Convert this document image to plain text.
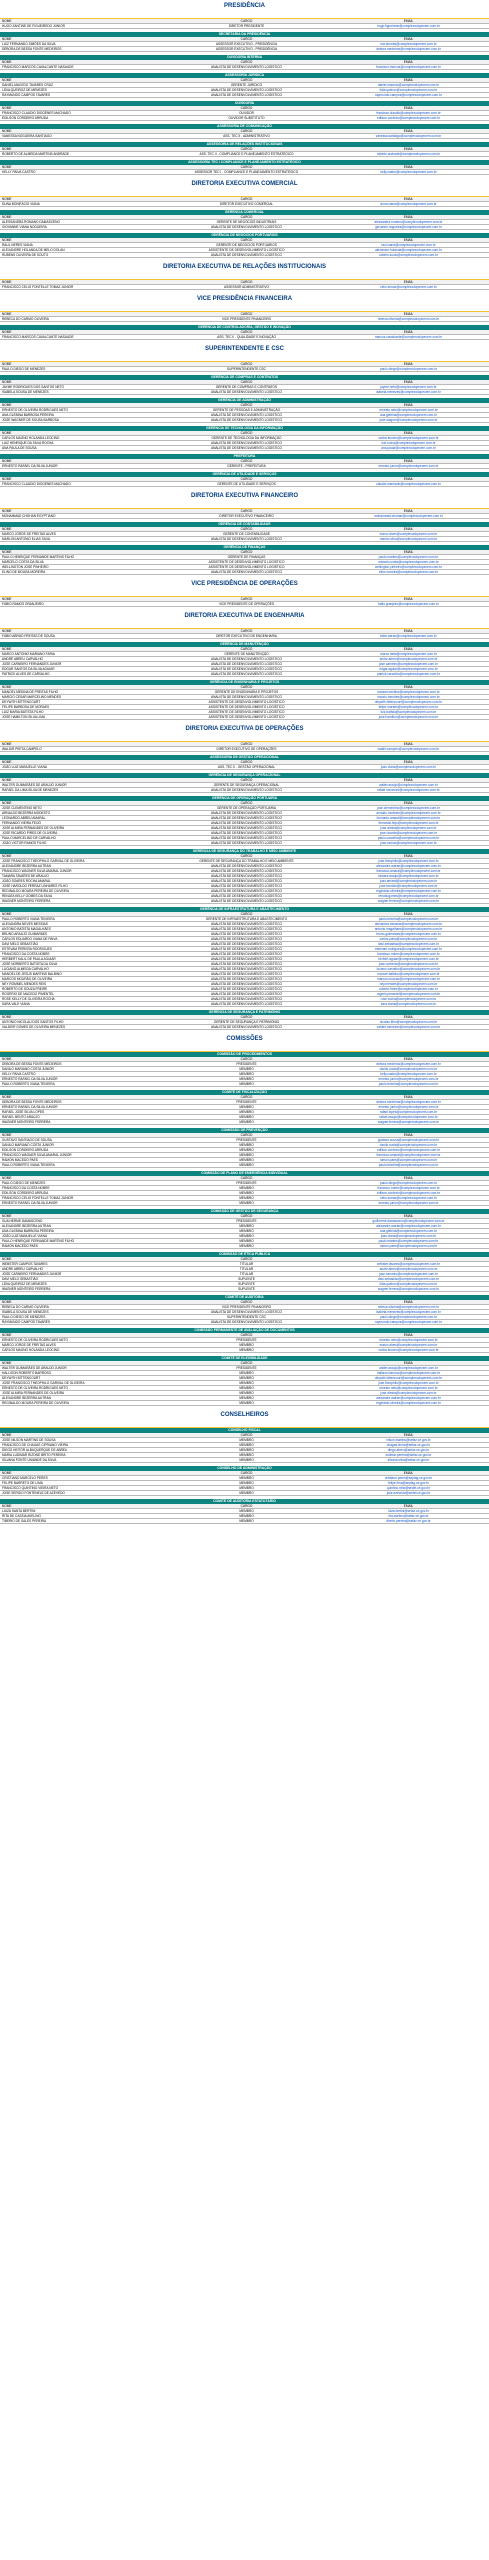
PRESIDÊNCIA
NOME	CARGO	EMAIL
HUGO ZANTINE DE FIGUEIREDO JÚNIOR	DIRETOR PRESIDENTE	hugo.figueiredo@complexodopecem.com.br
SECRETARIA DA PRESIDÊNCIA
NOME	CARGO	EMAIL
LUIZ FERNANDO SIMÕES DA SILVA	ASSESSOR EXECUTIVO - PRESIDÊNCIA	luiz.simoes@complexodopecem.com.br
DÉBORA DE BESSA FONTE MEDEIROS	ASSESSOR EXECUTIVO - PRESIDÊNCIA	debora.medeiros@complexodopecem.com.br
OUVIDORIA INTERNA
NOME	CARGO	EMAIL
FRANCISCO MARCOS CAVALCANTE NASAUDE	ANALISTA DE DESENVOLVIMENTO LOGÍSTICO	francisco.marcos@complexodopecem.com.br
ASSESSORIA JURÍDICA
NOME	CARGO	EMAIL
DANIEL MACEDO TAVARES CRUZ	GERENTE JURÍDICO	daniel.macedo@complexodopecem.com.br
LÍDIA QUEIROZ DE MENEZES	ANALISTA DE DESENVOLVIMENTO LOGÍSTICO	lidia.queiroz@complexodopecem.com.br
RAYMUNDO CAMPOS TAVARES	ANALISTA DE DESENVOLVIMENTO LOGÍSTICO	raymundo.campos@complexodopecem.com.br
OUVIDORIA
NOME	CARGO	EMAIL
FRANCISCO CLAUDIO DIOGENES MACHADO	OUVIDOR	francisco.claudio@complexodopecem.com.br
EDILSON CORDEIRO ARRUDA	OUVIDOR SUBSTITUTO	edilson.cordeiro@complexodopecem.com.br
ASSESSORIA DE COMUNICAÇÃO
NOME	CARGO	EMAIL
VANESSA NOGUEIRA SANTIAGO	ASS. TEC II - ADMINISTRATIVO	vanessa.santiago@complexodopecem.com.br
ASSESSORIA DE RELAÇÕES INSTITUCIONAIS
NOME	CARGO	EMAIL
ROBERTO DE ALMEIDA MARTINS ANDRADE	ASS. TEC II - COMPLIANCE E PLANEJAMENTO ESTRATÉGICO	roberto.andrade@complexodopecem.com.br
ASSESSORIA TEC I COMPLIANCE E PLANEJAMENTO ESTRATÉGICO
NOME	CARGO	EMAIL
KELLY PAIVA CASTRO	ASSESSOR TEC I - COMPLIANCE E PLANEJAMENTO ESTRATÉGICO	kelly.castro@complexodopecem.com.br
DIRETORIA EXECUTIVA COMERCIAL
NOME	CARGO	EMAIL
DUNA BONIFÁCIO VIANA	DIRETOR EXECUTIVO COMERCIAL	duna.viana@complexodopecem.com.br
GERÊNCIA COMERCIAL
NOME	CARGO	EMAIL
ALESSANDRA ROMANO DAMASCENO	GERENTE DE NEGÓCIOS INDUSTRIAIS	alessandra.romano@complexodopecem.com.br
GIOVANNE VIANA NOGUEIRA	ANALISTA DE DESENVOLVIMENTO LOGÍSTICO	giovanne.nogueira@complexodopecem.com.br
GERÊNCIA DE NEGÓCIOS PORTUÁRIOS
NOME	CARGO	EMAIL
RAUL NERES VIANA	GERENTE DE NEGÓCIOS PORTUÁRIOS	raul.viana@complexodopecem.com.br
ALEXANDRE HOLANDA DE MELO DOLAN	ASSISTENTE DE DESENVOLVIMENTO LOGÍSTICO	alexandre.holanda@complexodopecem.com.br
RUBENS OLIVEIRA DE SOUTO	ANALISTA DE DESENVOLVIMENTO LOGÍSTICO	rubens.souto@complexodopecem.com.br
DIRETORIA EXECUTIVA DE RELAÇÕES INSTITUCIONAIS
NOME	CARGO	EMAIL
FRANCISCO CELIO FONTELLE TOMAZ JUNIOR	ASSESSOR ADMINISTRATIVO	celio.tomaz@complexodopecem.com.br
VICE PRESIDÊNCIA FINANCEIRA
NOME	CARGO	EMAIL
REBECA DO CARMO OLIVEIRA	VICE PRESIDENTE FINANCEIRO	rebeca.oliveira@complexodopecem.com.br
GERÊNCIA DE CONTROLADORIA, GESTÃO E INOVAÇÃO
NOME	CARGO	EMAIL
FRANCISCO MARCOS CAVALCANTE NASAUDE	ASS. TEC II - QUALIDADE E INOVAÇÃO	marcos.cavalcante@complexodopecem.com.br
SUPERINTENDENTE E CSC
NOME	CARGO	EMAIL
PAULO DIEGO DE MENEZES	SUPERINTENDENTE CSC	paulo.diego@complexodopecem.com.br
GERÊNCIA DE COMPRAS E CONTRATOS
NOME	CARGO	EMAIL
JAYME RODRIGUES DOS SANTOS NETO	GERENTE DE COMPRAS E CONTRATOS	jayme.neto@complexodopecem.com.br
ISABELA SOUSA DE MENEZES	ANALISTA DE DESENVOLVIMENTO LOGÍSTICO	isabela.menezes@complexodopecem.com.br
GERÊNCIA DE ADMINISTRAÇÃO
NOME	CARGO	EMAIL
ERNESTO DE OLIVEIRA RODRIGUES NETO	GERENTE DE PESSOAS E ADMINISTRAÇÃO	ernesto.neto@complexodopecem.com.br
ANA GLEBINA BARBOSA PEREIRA	ANALISTA DE DESENVOLVIMENTO LOGÍSTICO	ana.glebina@complexodopecem.com.br
JOSÉ WAGNER DE SOUSA BARBOSA	ANALISTA DE DESENVOLVIMENTO LOGÍSTICO	jose.wagner@complexodopecem.com.br
GERÊNCIA DE TECNOLOGIA DA INFORMAÇÃO
NOME	CARGO	EMAIL
CARLOS MAGNO HOLANDA LEOCINO	GERENTE DE TECNOLOGIA DA INFORMAÇÃO	carlos.leocino@complexodopecem.com.br
LUIZ HENRIQUE DA SILVA ROCHA	ANALISTA DE DESENVOLVIMENTO LOGÍSTICO	luiz.rocha@complexodopecem.com.br
ANA PAULA DE SOUSA	ANALISTA DE DESENVOLVIMENTO LOGÍSTICO	ana.paula@complexodopecem.com.br
PREFEITURA
NOME	CARGO	EMAIL
ERNESTO RAFAEL DA SILVA JUNIOR	GERENTE - PREFEITURA	ernesto.junior@complexodopecem.com.br
GERÊNCIA DE UTILIDADE E SERVIÇOS
NOME	CARGO	EMAIL
FRANCISCO CLAUDIO DIOGENES MACHADO	GERENTE DE UTILIDADE E SERVIÇOS	claudio.machado@complexodopecem.com.br
DIRETORIA EXECUTIVA FINANCEIRO
NOME	CARGO	EMAIL
MOHAMMAD CHOHAN EGYPTIANO	DIRETOR EXECUTIVO FINANCEIRO	mohammad.chohan@complexodopecem.com.br
GERÊNCIA DE CONTABILIDADE
NOME	CARGO	EMAIL
MARCO JORGE DE FREITAS ALVES	GERENTE DE CONTABILIDADE	marco.alves@complexodopecem.com.br
MARLON ANTONIO ELIAS SILVA	ANALISTA DE DESENVOLVIMENTO LOGÍSTICO	marlon.silva@complexodopecem.com.br
GERÊNCIA DE FINANÇAS
NOME	CARGO	EMAIL
PAULO HENRIQUE FERNANDE MARTINS FILHO	GERENTE DE FINANÇAS	paulo.martins@complexodopecem.com.br
MARCELO COSTA DA SILVA	ASSISTENTE DE DESENVOLVIMENTO LOGÍSTICO	marcelo.costa@complexodopecem.com.br
WELLINGTON JOSÉ PINHEIRO	ASSISTENTE DE DESENVOLVIMENTO LOGÍSTICO	wellington.pinheiro@complexodopecem.com.br
ELINO DE MOURA MOREIRA	ANALISTA DE DESENVOLVIMENTO LOGÍSTICO	elino.moreira@complexodopecem.com.br
VICE PRESIDÊNCIA DE OPERAÇÕES
NOME	CARGO	EMAIL
FÁBIO RAMOS GRANJEIRO	VICE PRESIDENTE DE OPERAÇÕES	fabio.granjeiro@complexodopecem.com.br
DIRETORIA EXECUTIVA DE ENGENHARIA
NOME	CARGO	EMAIL
FÁBIO ABRÃO FREITAS DE SOUSA	DIRETOR EXECUTIVO DE ENGENHARIA	fabio.abrao@complexodopecem.com.br
GERÊNCIA DE MANUTENÇÃO
NOME	CARGO	EMAIL
MARCO ANTONIO MARIANO FARIA	GERENTE DE MANUTENÇÃO	marco.faria@complexodopecem.com.br
ANDRÉ ABREU CARVALHO	ANALISTA DE DESENVOLVIMENTO LOGÍSTICO	andre.abreu@complexodopecem.com.br
JOSÉ CARNEIRO FERNANDES JUNIOR	ANALISTA DE DESENVOLVIMENTO LOGÍSTICO	jose.carneiro@complexodopecem.com.br
EDGAR SANTOS DA SILVA AGUIAR	ANALISTA DE DESENVOLVIMENTO LOGÍSTICO	edgar.aguiar@complexodopecem.com.br
PATRICK ALVES DE CARVALHO	ANALISTA DE DESENVOLVIMENTO LOGÍSTICO	patrick.carvalho@complexodopecem.com.br
GERÊNCIA DE ENGENHARIA E PROJETOS
NOME	CARGO	EMAIL
MANOEL MEDINA DE FREITAS FILHO	GERENTE DE ENGENHARIA E PROJETOS	manoel.medina@complexodopecem.com.br
MARCIO CESAR MARCELINO MENDES	ANALISTA DE DESENVOLVIMENTO LOGÍSTICO	marcio.mendes@complexodopecem.com.br
DEYWITH BITTENCOURT	ASSISTENTE DE DESENVOLVIMENTO LOGÍSTICO	deywith.bittencourt@complexodopecem.com.br
FELIPE BARBOSA DE MORAES	ASSISTENTE DE DESENVOLVIMENTO LOGÍSTICO	felipe.moraes@complexodopecem.com.br
LUIZ MARIA BATISTA FILHO	ASSISTENTE DE DESENVOLVIMENTO LOGÍSTICO	luiz.batista@complexodopecem.com.br
JOSÉ HAMILTON SILVA LIMA	ASSISTENTE DE DESENVOLVIMENTO LOGÍSTICO	jose.hamilton@complexodopecem.com.br
DIRETORIA EXECUTIVA DE OPERAÇÕES
NOME	CARGO	EMAIL
WALDIR PEETA CAMPELO	DIRETOR EXECUTIVO DE OPERAÇÕES	waldir.campelo@complexodopecem.com.br
ASSESSORIA DE GESTÃO OPERACIONAL
NOME	CARGO	EMAIL
JOÃO LUIZ MANUELLE VIANA	ASS. TEC II - GESTÃO OPERACIONAL	joao.viana@complexodopecem.com.br
GERÊNCIA DE SEGURANÇA OPERACIONAL
NOME	CARGO	EMAIL
WALTER GUIMARÃES DE ARAÚJO JUNIOR	GERENTE DE SEGURANÇA OPERACIONAL	walter.araujo@complexodopecem.com.br
RAFAEL DA LIMA SILVA DE MENEZES	ANALISTA DE DESENVOLVIMENTO LOGÍSTICO	rafael.menezes@complexodopecem.com.br
GERÊNCIA DE OPERAÇÃO PORTUÁRIA
NOME	CARGO	EMAIL
JOSÉ CLEMENTINO NETO	GERENTE DE OPERAÇÃO PORTUÁRIA	jose.clementino@complexodopecem.com.br
ARNALDO BEZERRA MODESTO	ANALISTA DE DESENVOLVIMENTO LOGÍSTICO	arnaldo.modesto@complexodopecem.com.br
LEONARDO ABREU AMARAL	ANALISTA DE DESENVOLVIMENTO LOGÍSTICO	leonardo.amaral@complexodopecem.com.br
FERNANDO VIEIRA FEIJÓ	ANALISTA DE DESENVOLVIMENTO LOGÍSTICO	fernando.feijo@complexodopecem.com.br
JOSÉ ALMIRA FERNANDES DE OLIVEIRA	ANALISTA DE DESENVOLVIMENTO LOGÍSTICO	jose.almira@complexodopecem.com.br
JOSÉ RICARDO PIRES DE OLIVEIRA	ANALISTA DE DESENVOLVIMENTO LOGÍSTICO	jose.ricardo@complexodopecem.com.br
PAULO MARCELINO DE CARVALHO	ANALISTA DE DESENVOLVIMENTO LOGÍSTICO	paulo.carvalho@complexodopecem.com.br
JOÃO VICTOR RAMOS FILHO	ANALISTA DE DESENVOLVIMENTO LOGÍSTICO	joao.ramos@complexodopecem.com.br
GERÊNCIA DE SEGURANÇA DO TRABALHO E MEIO AMBIENTE
NOME	CARGO	EMAIL
JOSÉ FRANCISCO THEOPHILO GARIVAL DE OLIVEIRA	GERENTE DE SEGURANÇA DO TRABALHO E MEIO AMBIENTE	jose.theophilo@complexodopecem.com.br
ALEXANDRE BEZERRA AUTRAN	ANALISTA DE DESENVOLVIMENTO LOGÍSTICO	alexandre.autran@complexodopecem.com.br
FRANCISCO WAGNER SILVA AMARAL JÚNIOR	ANALISTA DE DESENVOLVIMENTO LOGÍSTICO	francisco.amaral@complexodopecem.com.br
TAMARA TAVARES DE ARAÚJO	ANALISTA DE DESENVOLVIMENTO LOGÍSTICO	tamara.araujo@complexodopecem.com.br
JOÃO SOARES ROCHA AMARAL	ANALISTA DE DESENVOLVIMENTO LOGÍSTICO	joao.amaral@complexodopecem.com.br
JOSÉ HAROLDO FERRAZ LINHARES FILHO	ANALISTA DE DESENVOLVIMENTO LOGÍSTICO	jose.haroldo@complexodopecem.com.br
REGINALDO MOURA PEREIRA DE OLIVEIRA	ANALISTA DE DESENVOLVIMENTO LOGÍSTICO	reginaldo.oliveira@complexodopecem.com.br
RENATA KELLY GOMES DA SILVA	ANALISTA DE DESENVOLVIMENTO LOGÍSTICO	renata.gomes@complexodopecem.com.br
WAGNER MONTEIRO FERRERA	ANALISTA DE DESENVOLVIMENTO LOGÍSTICO	wagner.ferrera@complexodopecem.com.br
GERÊNCIA DE INFRAESTRUTURA E ABASTECIMENTO
NOME	CARGO	EMAIL
PAULO ROBERTO VIANA TEIXEIRA	GERENTE DE INFRAESTRUTURA E ABASTECIMENTO	paulo.teixeira@complexodopecem.com.br
ALEXANDRA NEVES MESSIAS	ANALISTA DE DESENVOLVIMENTO LOGÍSTICO	alexandra.messias@complexodopecem.com.br
ANTONIO BATISTA MAGALHÃES	ANALISTA DE DESENVOLVIMENTO LOGÍSTICO	antonio.magalhaes@complexodopecem.com.br
BRUNO ARAÚJO GUIMARÃES	ANALISTA DE DESENVOLVIMENTO LOGÍSTICO	bruno.guimaraes@complexodopecem.com.br
CARLOS EDUARDO VIANA DE PAIVA	ANALISTA DE DESENVOLVIMENTO LOGÍSTICO	carlos.paiva@complexodopecem.com.br
DAVI MELO SEBASTIÃO	ANALISTA DE DESENVOLVIMENTO LOGÍSTICO	davi.sebastiao@complexodopecem.com.br
ESTEVAM PEREIRA RODRIGUES	ANALISTA DE DESENVOLVIMENTO LOGÍSTICO	estevam.rodrigues@complexodopecem.com.br
FRANCISCO DA COSTA NOBRE	ANALISTA DE DESENVOLVIMENTO LOGÍSTICO	francisco.nobre@complexodopecem.com.br
HERBERT KALIL DE PAULA AGUIAR	ANALISTA DE DESENVOLVIMENTO LOGÍSTICO	herbert.aguiar@complexodopecem.com.br
JOSÉ NORBERTO BATISTA DA SILVA	ANALISTA DE DESENVOLVIMENTO LOGÍSTICO	jose.norberto@complexodopecem.com.br
LUCIANO ALMEIDA CARVALHO	ANALISTA DE DESENVOLVIMENTO LOGÍSTICO	luciano.carvalho@complexodopecem.com.br
MANOEL DE JESUS MARTINS BALBINO	ANALISTA DE DESENVOLVIMENTO LOGÍSTICO	manoel.balbino@complexodopecem.com.br
MARCOS MOURÃO DE OLIVEIRA	ANALISTA DE DESENVOLVIMENTO LOGÍSTICO	marcos.mourao@complexodopecem.com.br
NEY ROMMEL MENDES REIS	ANALISTA DE DESENVOLVIMENTO LOGÍSTICO	ney.mendes@complexodopecem.com.br
ROBERTO DE SOUZA FREIRE	ANALISTA DE DESENVOLVIMENTO LOGÍSTICO	roberto.freire@complexodopecem.com.br
ROGÉRIO DE MACEDO PIMENTEL	ANALISTA DE DESENVOLVIMENTO LOGÍSTICO	rogerio.pimentel@complexodopecem.com.br
ROSE KELLY DE OLIVEIRA ROCHA	ANALISTA DE DESENVOLVIMENTO LOGÍSTICO	rose.rocha@complexodopecem.com.br
SARA VALE VIANA	ANALISTA DE DESENVOLVIMENTO LOGÍSTICO	sara.viana@complexodopecem.com.br
GERÊNCIA DE SEGURANÇA E PATRIMÔNIO
NOME	CARGO	EMAIL
ANTONIO NICOLAU DOS SANTOS FILHO	GERENTE DE SEGURANÇA E PATRIMÔNIO	nicolau.filho@complexodopecem.com.br
VALDEIR GOMES DE OLIVEIRA MENEZES	ANALISTA DE DESENVOLVIMENTO LOGÍSTICO	valdeir.menezes@complexodopecem.com.br
COMISSÕES
COMISSÃO DE PROCEDIMENTOS
NOME	CARGO	EMAIL
DEBORA DE BESSA FONTE MEDEIROS	PRESIDENTE	debora.medeiros@complexodopecem.com.br
DANILO MARIANO COSTA JUNIOR	MEMBRO	danilo.costa@complexodopecem.com.br
KELLY PAIVA CASTRO	MEMBRO	kelly.castro@complexodopecem.com.br
ERNESTO RAFAEL DA SILVA JUNIOR	MEMBRO	ernesto.junior@complexodopecem.com.br
PAULO ROBERTO VIANA TEIXEIRA	MEMBRO	paulo.teixeira@complexodopecem.com.br
COMITÊ DE FISCALIZAÇÃO
NOME	CARGO	EMAIL
DEBORA DE BESSA FONTE MEDEIROS	PRESIDENTE	debora.medeiros@complexodopecem.com.br
ERNESTO RAFAEL DA SILVA JUNIOR	MEMBRO	ernesto.junior@complexodopecem.com.br
RAFAEL JOSÉ SILVA LOPES	MEMBRO	rafael.lopes@complexodopecem.com.br
RAFAEL BENTO ARAÚJO	MEMBRO	rafael.araujo@complexodopecem.com.br
WAGNER MONTEIRO FERRERA	MEMBRO	wagner.ferrera@complexodopecem.com.br
COMISSÃO DE PREVENÇÃO
NOME	CARGO	EMAIL
GUSTAVO SANTIAGO DE SOUSA	PRESIDENTE	gustavo.sousa@complexodopecem.com.br
DANILO MARIANO COSTA JUNIOR	MEMBRO	danilo.costa@complexodopecem.com.br
EDILSON CORDEIRO ARRUDA	MEMBRO	edilson.cordeiro@complexodopecem.com.br
FRANCISCO WAGNER SILVA AMARAL JÚNIOR	MEMBRO	francisco.amaral@complexodopecem.com.br
RAMON MACEDO PAES	MEMBRO	ramon.paes@complexodopecem.com.br
PAULO ROBERTO VIANA TEIXEIRA	MEMBRO	paulo.teixeira@complexodopecem.com.br
COMISSÃO DE PLANO DE EMERGÊNCIA INDIVIDUAL
NOME	CARGO	EMAIL
PAULO DIEGO DE MENEZES	PRESIDENTE	paulo.diego@complexodopecem.com.br
FRANCISCO DA COSTA NOBRE	MEMBRO	francisco.nobre@complexodopecem.com.br
EDILSON CORDEIRO ARRUDA	MEMBRO	edilson.cordeiro@complexodopecem.com.br
FRANCISCO CELIO FONTELLE TOMAZ JUNIOR	MEMBRO	celio.tomaz@complexodopecem.com.br
ERNESTO RAFAEL DA SILVA JUNIOR	MEMBRO	ernesto.junior@complexodopecem.com.br
COMISSÃO DE GESTÃO DE SEGURANÇA
NOME	CARGO	EMAIL
GUILHERME DAMASCENO	PRESIDENTE	guilherme.damasceno@complexodopecem.com.br
ALEXANDRE BEZERRA AUTRAN	MEMBRO	alexandre.autran@complexodopecem.com.br
ANA GLEBINA BARBOSA PEREIRA	MEMBRO	ana.glebina@complexodopecem.com.br
JOÃO LUIZ MANUELLE VIANA	MEMBRO	joao.viana@complexodopecem.com.br
PAULO HENRIQUE FERNANDE MARTINS FILHO	MEMBRO	paulo.martins@complexodopecem.com.br
RAMON MACEDO PAES	MEMBRO	ramon.paes@complexodopecem.com.br
COMISSÃO DE ÉTICA PÚBLICA
NOME	CARGO	EMAIL
WEBSTER CAMPOS TAVARES	TITULAR	webster.tavares@complexodopecem.com.br
ANDRE ABREU CARVALHO	TITULAR	andre.abreu@complexodopecem.com.br
JOSÉ CARNEIRO FERNANDES JUNIOR	TITULAR	jose.carneiro@complexodopecem.com.br
DAVI MELO SEBASTIÃO	SUPLENTE	davi.sebastiao@complexodopecem.com.br
LÍDIA QUEIROZ DE MENEZES	SUPLENTE	lidia.queiroz@complexodopecem.com.br
WAGNER MONTEIRO FERRERA	SUPLENTE	wagner.ferrera@complexodopecem.com.br
COMITÊ DE AUDITORIA
NOME	CARGO	EMAIL
REBECA DO CARMO OLIVEIRA	VICE PRESIDENTE FINANCEIRO	rebeca.oliveira@complexodopecem.com.br
ISABELA SOUSA DE MENEZES	ANALISTA DE DESENVOLVIMENTO LOGÍSTICO	isabela.menezes@complexodopecem.com.br
PAULO DIEGO DE MENEZES	SUPERINTENDENTE CSC	paulo.diego@complexodopecem.com.br
RAYMUNDO CAMPOS TAVARES	ANALISTA DE DESENVOLVIMENTO LOGÍSTICO	raymundo.campos@complexodopecem.com.br
COMISSÃO PERMANENTE DE AVALIAÇÃO DE DOCUMENTOS
NOME	CARGO	EMAIL
ERNESTO DE OLIVEIRA RODRIGUES NETO	PRESIDENTE	ernesto.neto@complexodopecem.com.br
MARCO JORGE DE FREITAS ALVES	MEMBRO	marco.alves@complexodopecem.com.br
CARLOS MAGNO HOLANDA LEOCINO	MEMBRO	carlos.leocino@complexodopecem.com.br
COMITÊ DE ELEGIBILIDADE
NOME	CARGO	EMAIL
WALTER GUIMARÃES DE ARAÚJO JUNIOR	PRESIDENTE	walter.araujo@complexodopecem.com.br
HALLISON ROBERTO BARROSO	MEMBRO	hallison.barroso@complexodopecem.com.br
DEYWITH BITTENCOURT	MEMBRO	deywith.bittencourt@complexodopecem.com.br
JOSÉ FRANCISCO THEOPHILO GARIVAL DE OLIVEIRA	MEMBRO	jose.theophilo@complexodopecem.com.br
ERNESTO DE OLIVEIRA RODRIGUES NETO	MEMBRO	ernesto.neto@complexodopecem.com.br
JOSÉ ALMIRA FERNANDES DE OLIVEIRA	MEMBRO	jose.almira@complexodopecem.com.br
ALEXANDRE BEZERRA AUTRAN	MEMBRO	alexandre.autran@complexodopecem.com.br
REGINALDO MOURA PEREIRA DE OLIVEIRA	MEMBRO	reginaldo.oliveira@complexodopecem.com.br
CONSELHEIROS
CONSELHO FISCAL
NOME	CARGO	EMAIL
JOSÉ NILSON MARTINS DE SOUSA	MEMBRO	nilson.martins@sefaz.ce.gov.br
FRANCISCO DE CHAGAS CIPRIANO VIEIRA	MEMBRO	chagas.vieira@sefaz.ce.gov.br
DIEGO HEITOR ALBUQUERQUE DE ABREU	MEMBRO	diego.abreu@sefaz.ce.gov.br
MARIA LUDIMAR RIZONE BRITO PEREIRA	MEMBRO	ludimar.pereira@sefaz.ce.gov.br
SILVANA FONTE UNIANDE DA SILVA	MEMBRO	silvana.silva@sefaz.ce.gov.br
CONSELHO DE ADMINISTRAÇÃO
NOME	CARGO	EMAIL
CRISTIANO MARCELO PERES	MEMBRO	cristiano.peres@seplag.ce.gov.br
FELIPE BARRETO DE LIMA	MEMBRO	felipe.lima@seplag.ce.gov.br
FRANCISCO QUINTINO VIEIRA NETO	MEMBRO	quintino.neto@sedet.ce.gov.br
JOSÉ SERGIO FONTENELE DE AZEVEDO	MEMBRO	jose.azevedo@sedet.ce.gov.br
COMITÊ DE AUDITORIA ESTATUTÁRIO
NOME	CARGO	EMAIL
LUIZA SANTA BERTINI	MEMBRO	luiza.bertini@sefaz.ce.gov.br
RITA DE CASSIA AVELINO	MEMBRO	rita.avelino@sefaz.ce.gov.br
TIBERIO DE SALES PEREIRA	MEMBRO	tiberio.pereira@sefaz.ce.gov.br
